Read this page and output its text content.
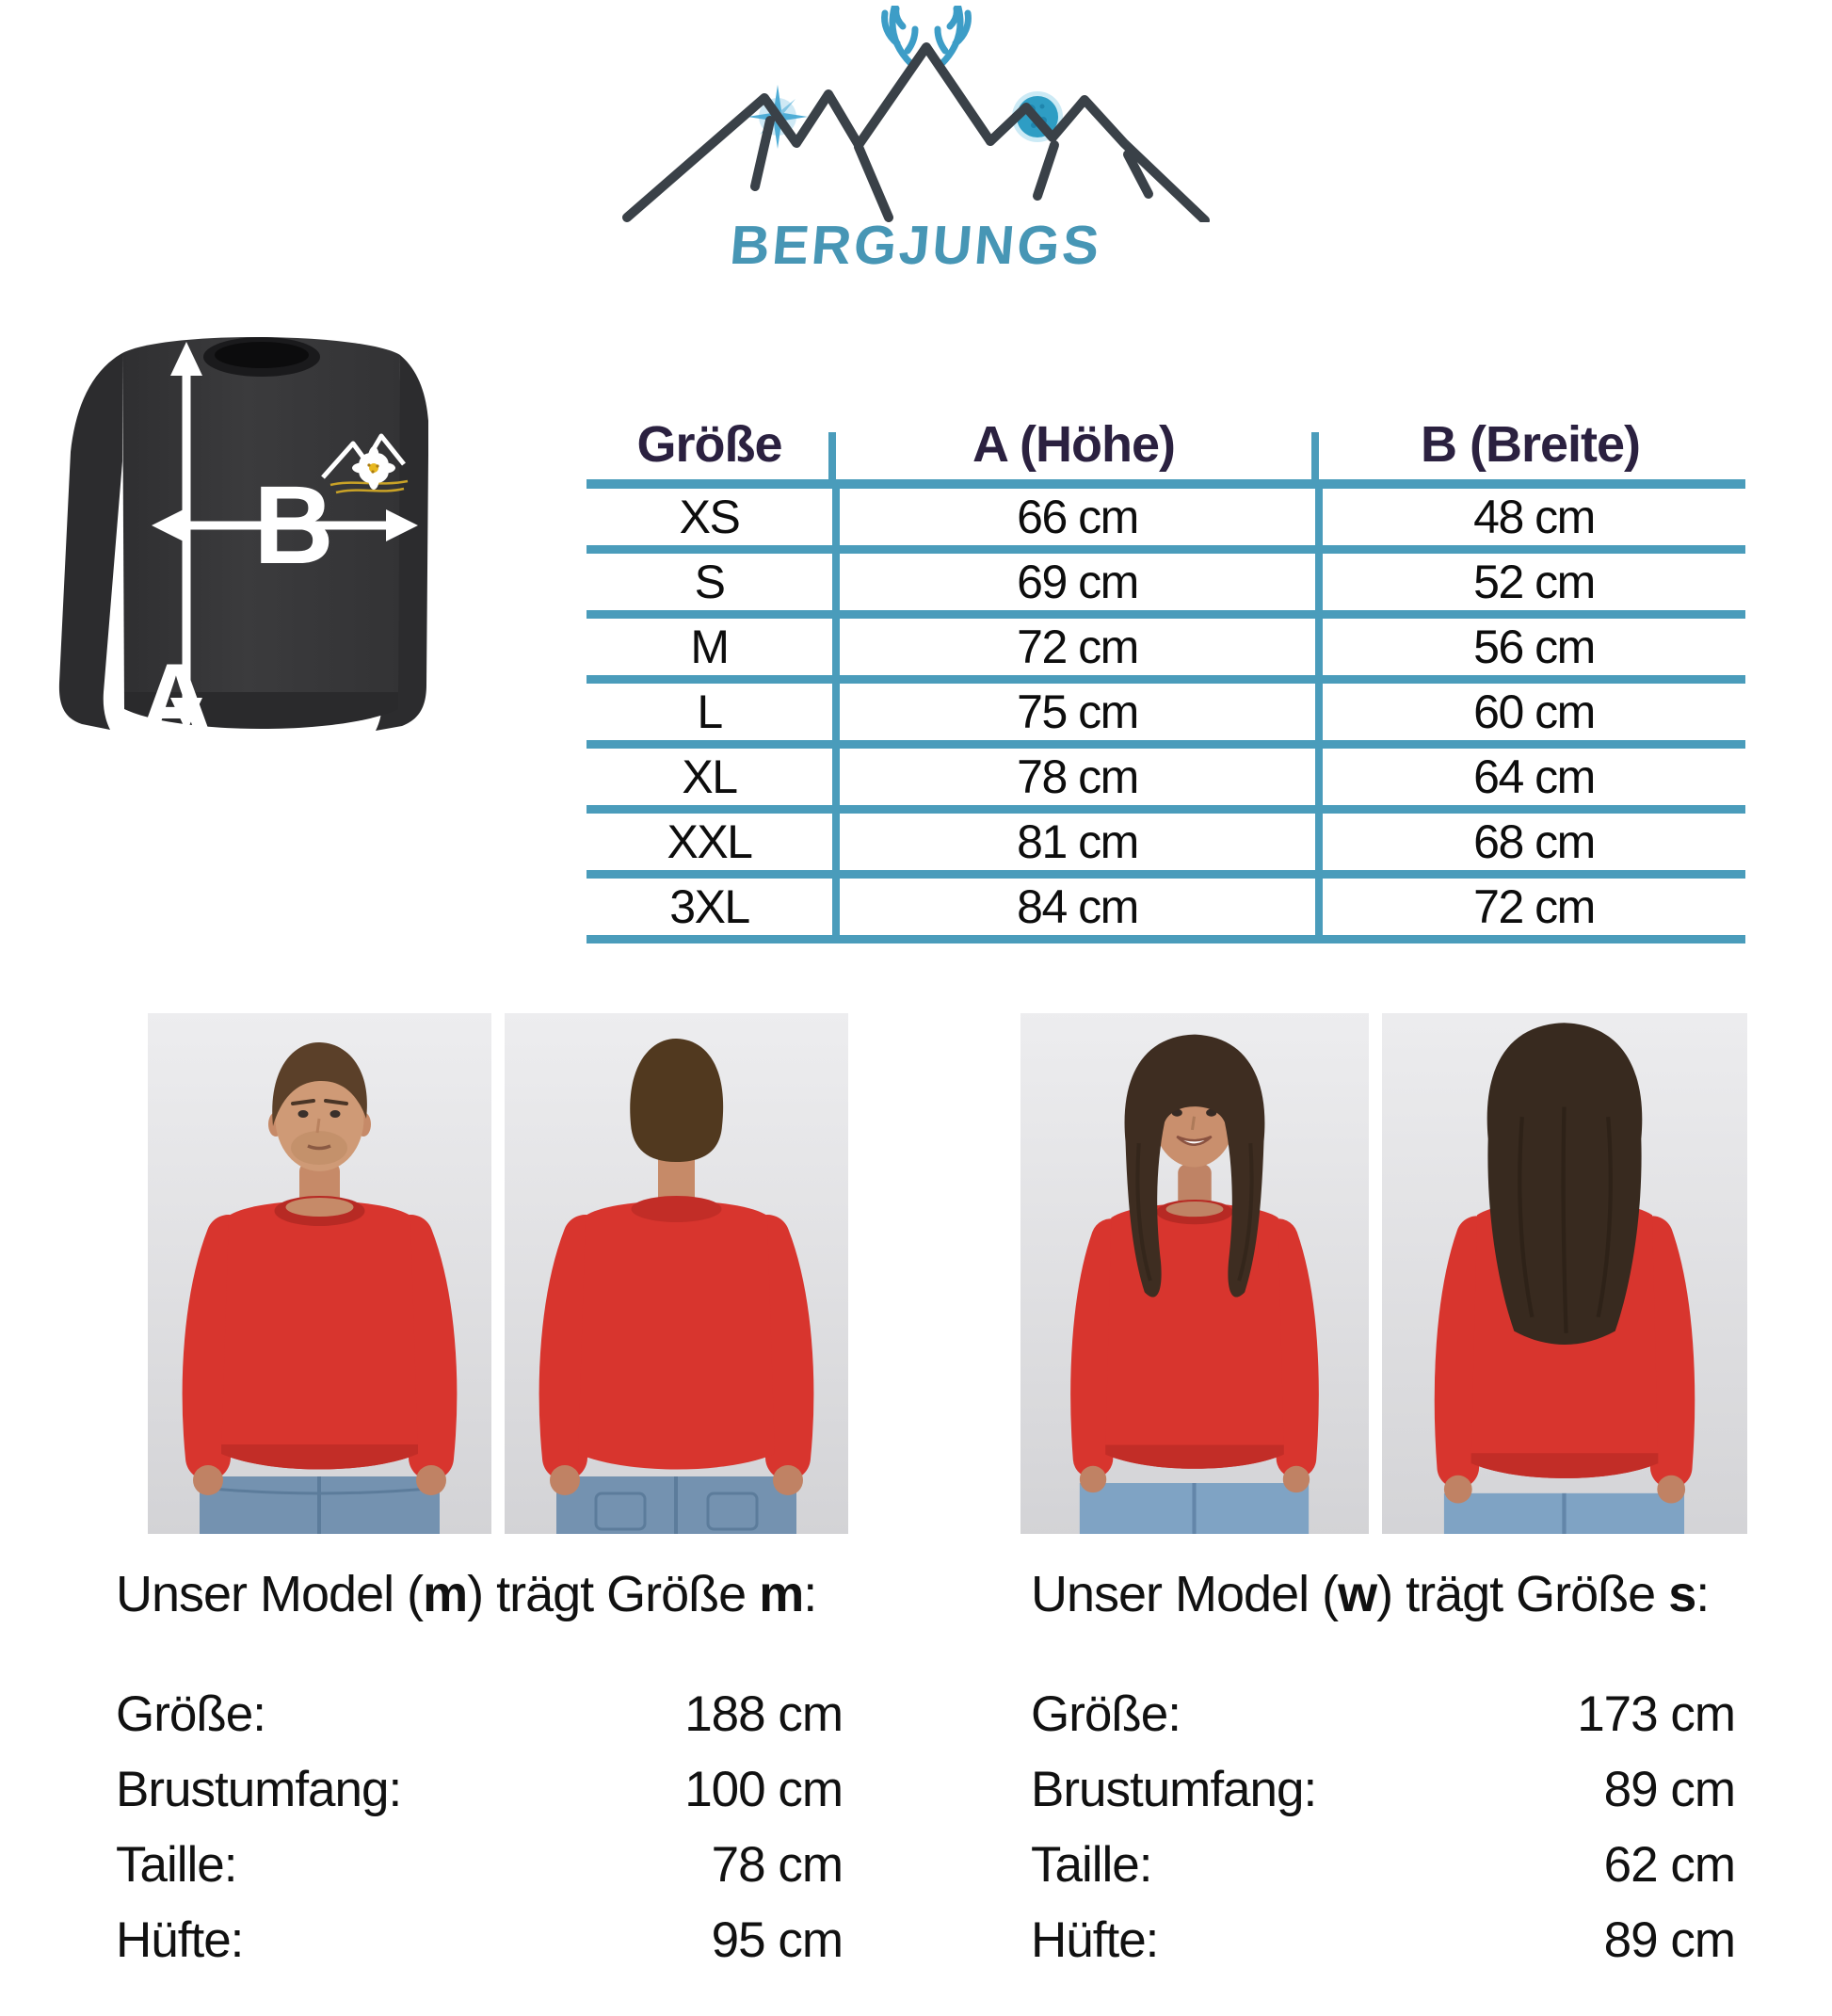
BERGJUNGS
A
B
Größe	A (Höhe)	B (Breite)
XS	66 cm	48 cm
S	69 cm	52 cm
M	72 cm	56 cm
L	75 cm	60 cm
XL	78 cm	64 cm
XXL	81 cm	68 cm
3XL	84 cm	72 cm
Unser Model (m) trägt Größe m:
Größe:	188 cm
Brustumfang:	100 cm
Taille:	78 cm
Hüfte:	95 cm
Unser Model (w) trägt Größe s:
Größe:	173 cm
Brustumfang:	89 cm
Taille:	62 cm
Hüfte:	89 cm
